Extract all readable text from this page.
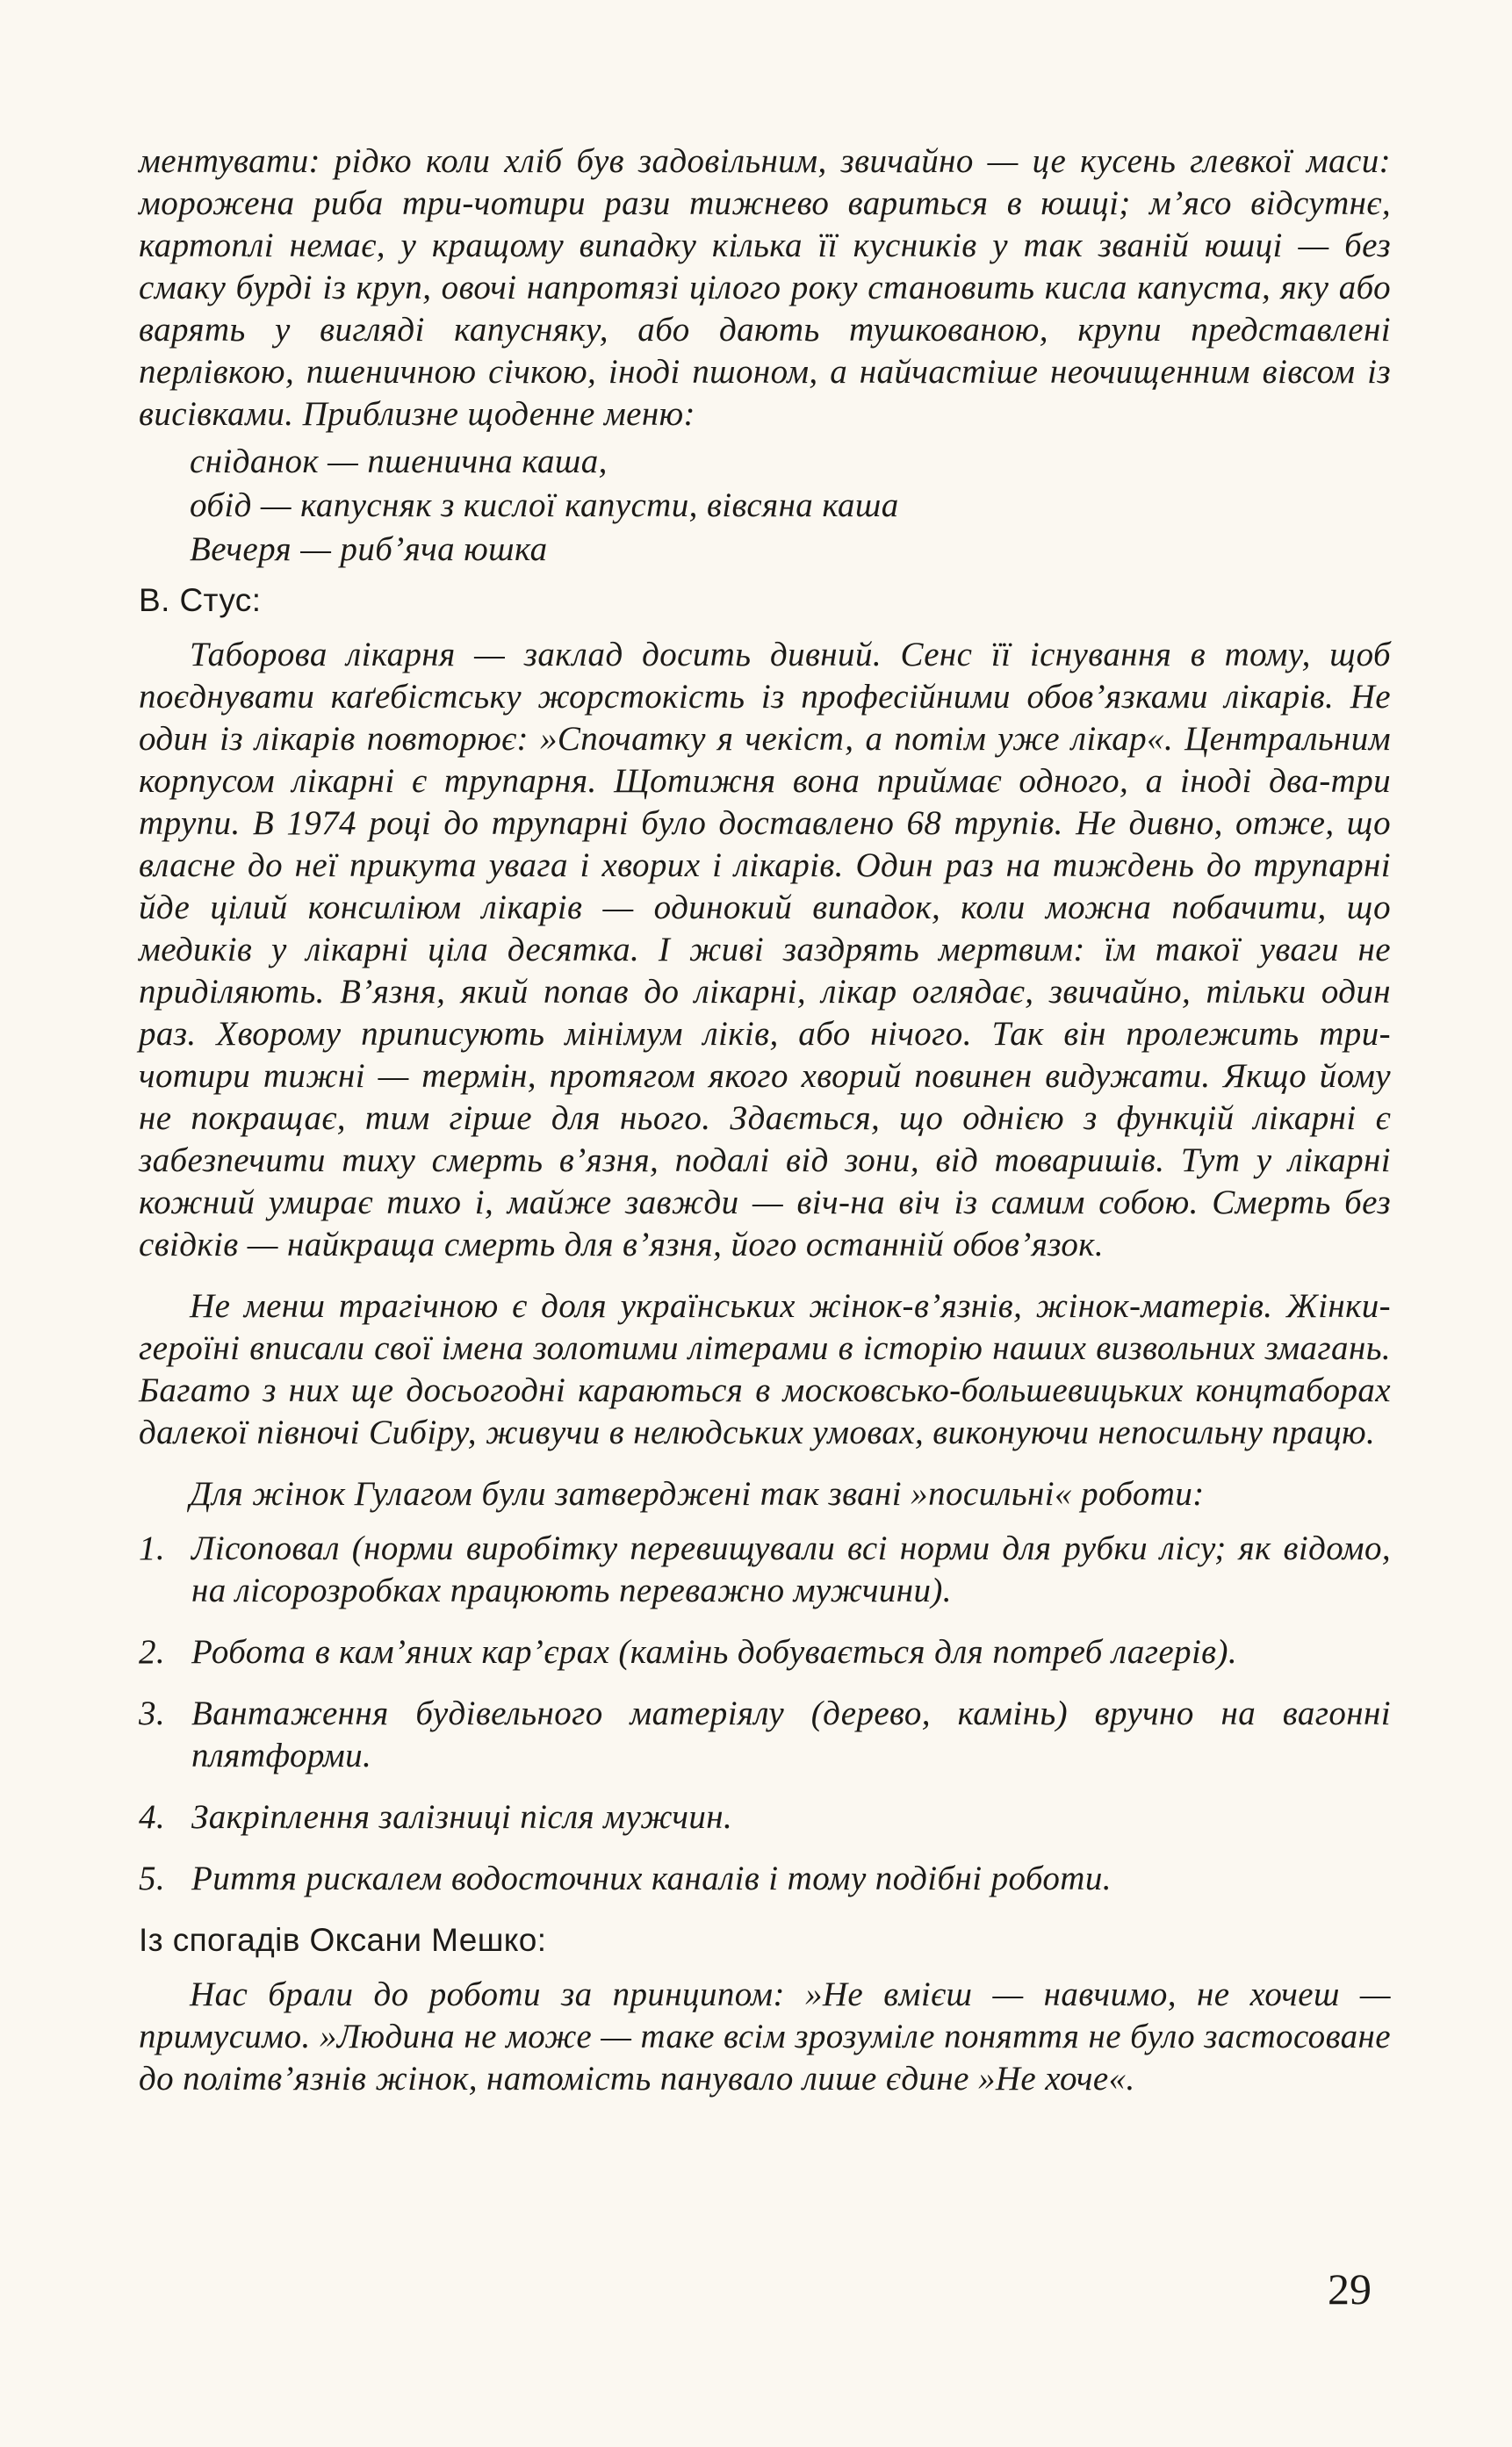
ментувати: рідко коли хліб був задовільним, звичайно — це кусень глевкої маси: морожена риба три-чотири рази тижнево вариться в юшці; м’ясо відсутнє, картоплі немає, у кращому випадку кілька її кусників у так званій юшці — без смаку бурді із круп, овочі напротязі цілого року становить кисла капуста, яку або варять у вигляді капусняку, або дають тушкованою, крупи представлені перлівкою, пшеничною січкою, іноді пшоном, а найчастіше неочищенним вівсом із висівками. Приблизне щоденне меню:

сніданок — пшенична каша,
обід — капусняк з кислої капусти, вівсяна каша
Вечеря — риб’яча юшка
В. Стус:

Таборова лікарня — заклад досить дивний. Сенс її існування в тому, щоб поєднувати каґебістську жорстокість із професійними обов’язками лікарів. Не один із лікарів повторює: »Спочатку я чекіст, а потім уже лікар«. Центральним корпусом лікарні є трупарня. Щотижня вона приймає одного, а іноді два-три трупи. В 1974 році до трупарні було доставлено 68 трупів. Не дивно, отже, що власне до неї прикута увага і хворих і лікарів. Один раз на тиждень до трупарні йде цілий консиліюм лікарів — одинокий випадок, коли можна побачити, що медиків у лікарні ціла десятка. І живі заздрять мертвим: їм такої уваги не приділяють. В’язня, який попав до лікарні, лікар оглядає, звичайно, тільки один раз. Хворому приписують мінімум ліків, або нічого. Так він пролежить три-чотири тижні — термін, протягом якого хворий повинен видужати. Якщо йому не покращає, тим гірше для нього. Здається, що однією з функцій лікарні є забезпечити тиху смерть в’язня, подалі від зони, від товаришів. Тут у лікарні кожний умирає тихо і, майже завжди — віч-на віч із самим собою. Смерть без свідків — найкраща смерть для в’язня, його останній обов’язок.

Не менш трагічною є доля українських жінок-в’язнів, жінок-матерів. Жінки-героїні вписали свої імена золотими літерами в історію наших визвольних змагань. Багато з них ще досьогодні караються в московсько-большевицьких концтаборах далекої півночі Сибіру, живучи в нелюдських умовах, виконуючи непосильну працю.

Для жінок Гулагом були затверджені так звані »посильні« роботи:

1. Лісоповал (норми виробітку перевищували всі норми для рубки лісу; як відомо, на лісорозробках працюють переважно мужчини).
2. Робота в кам’яних кар’єрах (камінь добувається для потреб лагерів).
3. Вантаження будівельного матеріялу (дерево, камінь) вручно на вагонні плятформи.
4. Закріплення залізниці після мужчин.
5. Риття рискалем водосточних каналів і тому подібні роботи.
Із спогадів Оксани Мешко:

Нас брали до роботи за принципом: »Не вмієш — навчимо, не хочеш — примусимо. »Людина не може — таке всім зрозуміле поняття не було застосоване до політв’язнів жінок, натомість панувало лише єдине »Не хоче«.

29
